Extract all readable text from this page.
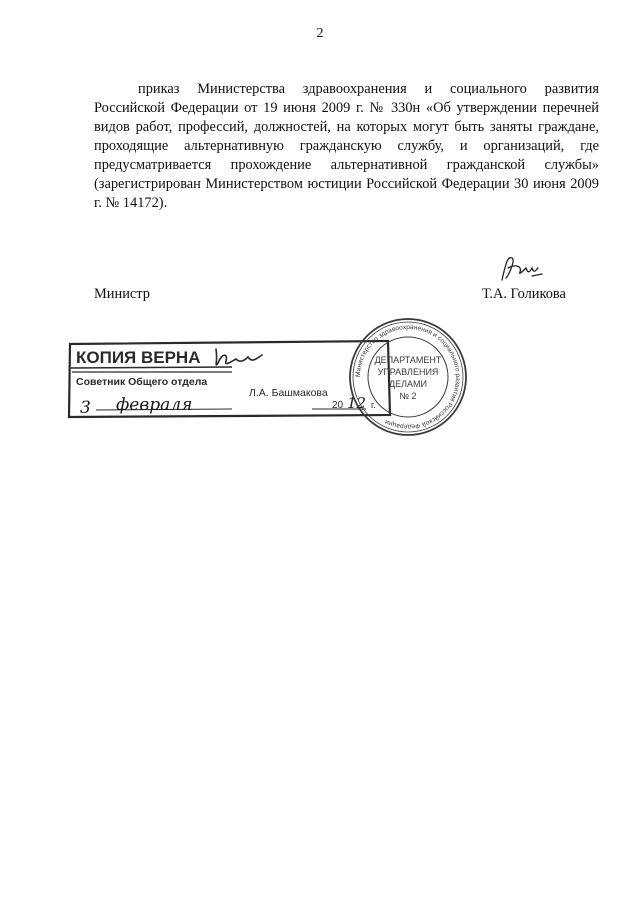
2

приказ Министерства здравоохранения и социального развития Российской Федерации от 19 июня 2009 г. № 330н «Об утверждении перечней видов работ, профессий, должностей, на которых могут быть заняты граждане, проходящие альтернативную гражданскую службу, и организаций, где предусматривается прохождение альтернативной гражданской службы» (зарегистрирован Министерством юстиции Российской Федерации 30 июня 2009 г. № 14172).

Министр	Т.А. Голикова
КОПИЯ ВЕРНА
Советник Общего отдела
Л.А. Башмакова
20	г.
3 февраля	12
Министерство здравоохранения и социального развития Российской Федерации
ДЕПАРТАМЕНТ
УПРАВЛЕНИЯ
ДЕЛАМИ
№ 2
